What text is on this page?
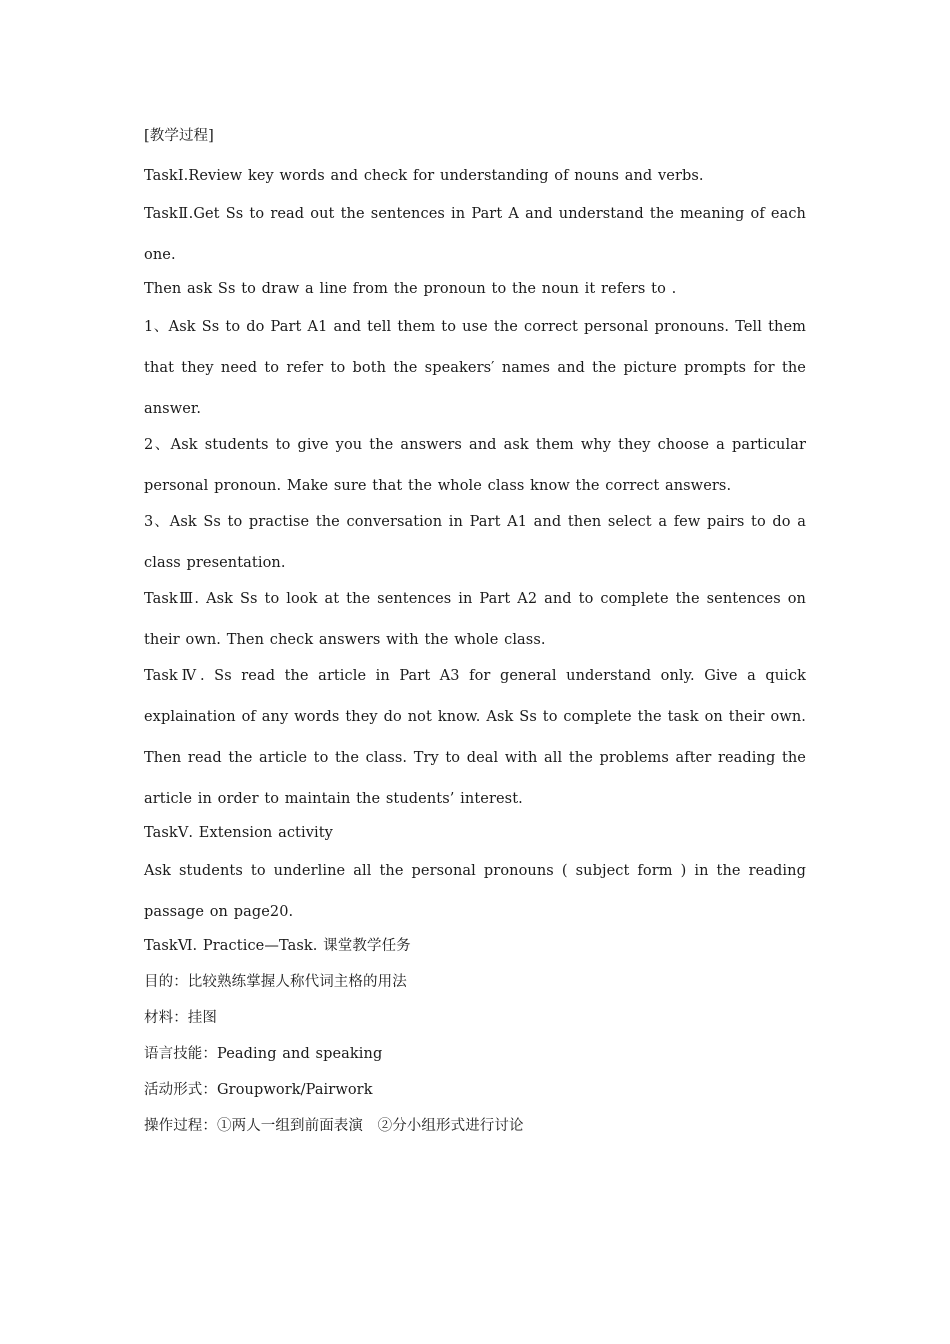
[教学过程]
TaskⅠ.Review key words and check for understanding of nouns and verbs.
TaskⅡ.Get Ss to read out the sentences in Part A and understand the meaning of each one.
Then ask Ss to draw a line from the pronoun to the noun it refers to .
1、Ask Ss to do Part A1 and tell them to use the correct personal pronouns. Tell them that they need to refer to both the speakers′ names and the picture prompts for the answer.
2、Ask students to give you the answers and ask them why they choose a particular personal pronoun. Make sure that the whole class know the correct answers.
3、Ask Ss to practise the conversation in Part A1 and then select a few pairs to do a class presentation.
TaskⅢ. Ask Ss to look at the sentences in Part A2 and to complete the sentences on their own. Then check answers with the whole class.
TaskⅣ. Ss read the article in Part A3 for general understand only. Give a quick explaination of any words they do not know. Ask Ss to complete the task on their own. Then read the article to the class. Try to deal with all the problems after reading the article in order to maintain the students’ interest.
TaskⅤ. Extension activity
Ask students to underline all the personal pronouns ( subject form ) in the reading passage on page20.
TaskⅥ. Practice—Task. 课堂教学任务
目的：比较熟练掌握人称代词主格的用法
材料：挂图
语言技能：Peading and speaking
活动形式：Groupwork/Pairwork
操作过程：①两人一组到前面表演　②分小组形式进行讨论
